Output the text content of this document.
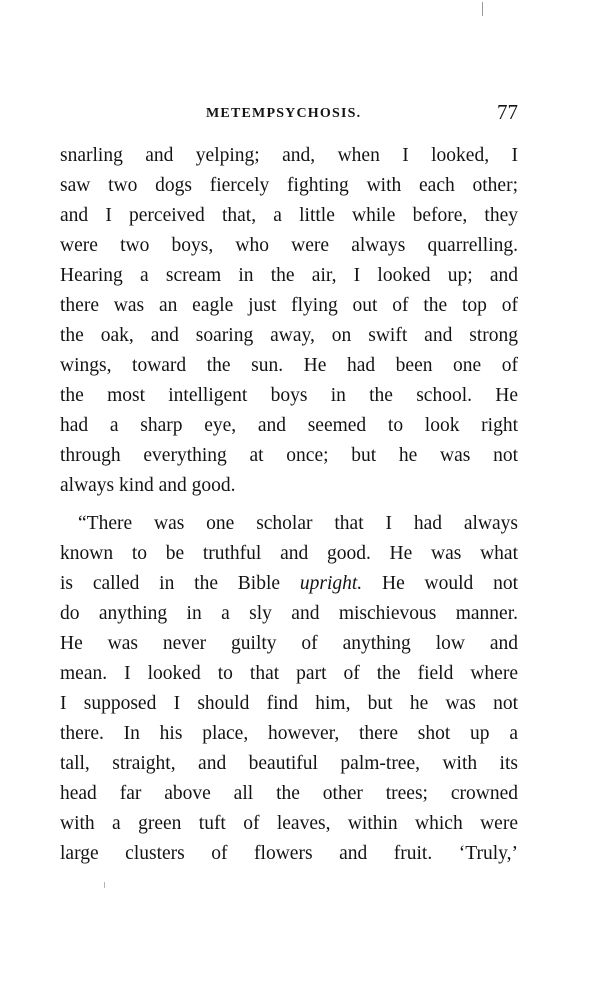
METEMPSYCHOSIS.	77
snarling and yelping; and, when I looked, I
saw two dogs fiercely fighting with each other;
and I perceived that, a little while before, they
were two boys, who were always quarrelling.
Hearing a scream in the air, I looked up; and
there was an eagle just flying out of the top of
the oak, and soaring away, on swift and strong
wings, toward the sun. He had been one of
the most intelligent boys in the school. He
had a sharp eye, and seemed to look right
through everything at once; but he was not
always kind and good.
“There was one scholar that I had always
known to be truthful and good. He was what
is called in the Bible upright. He would not
do anything in a sly and mischievous manner.
He was never guilty of anything low and
mean. I looked to that part of the field where
I supposed I should find him, but he was not
there. In his place, however, there shot up a
tall, straight, and beautiful palm-tree, with its
head far above all the other trees; crowned
with a green tuft of leaves, within which were
large clusters of flowers and fruit. ‘Truly,’
